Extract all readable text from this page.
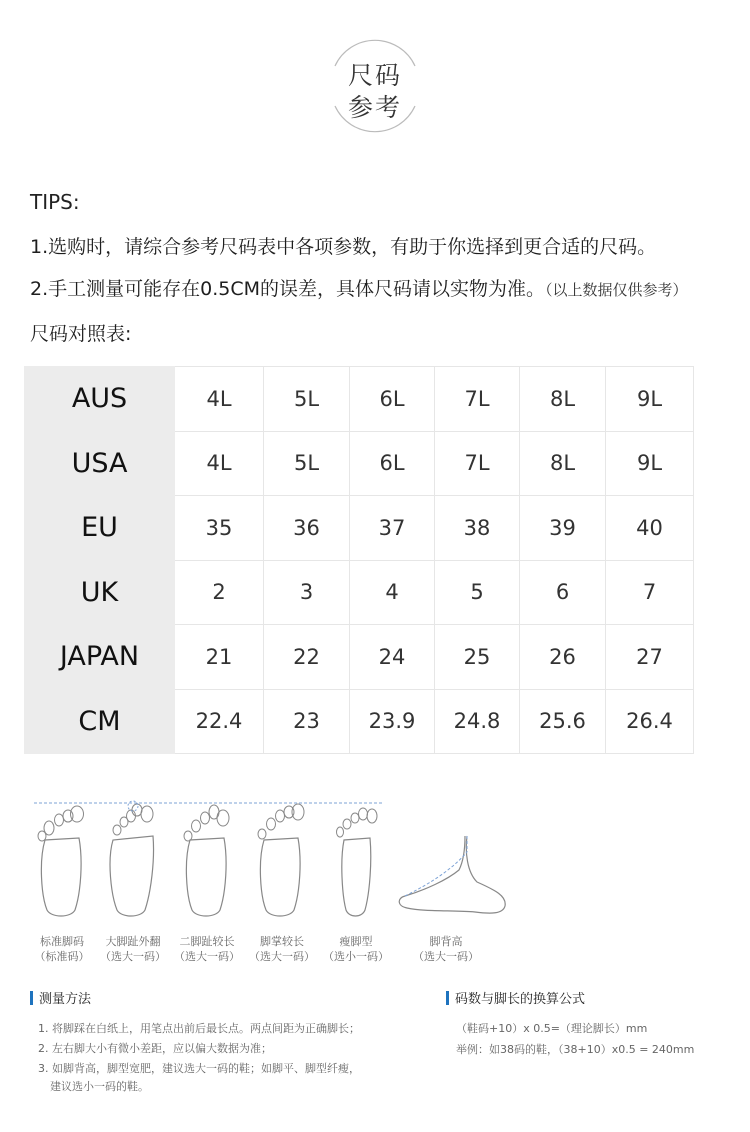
尺码
参考
TIPS:
1.选购时，请综合参考尺码表中各项参数，有助于你选择到更合适的尺码。
2.手工测量可能存在0.5CM的误差，具体尺码请以实物为准。（以上数据仅供参考）
尺码对照表:
AUS	4L	5L	6L	7L	8L	9L
USA	4L	5L	6L	7L	8L	9L
EU	35	36	37	38	39	40
UK	2	3	4	5	6	7
JAPAN	21	22	24	25	26	27
CM	22.4	23	23.9	24.8	25.6	26.4
标准脚码
（标准码）
大脚趾外翻
（选大一码）
二脚趾较长
（选大一码）
脚掌较长
（选大一码）
瘦脚型
（选小一码）
脚背高
（选大一码）
测量方法
1. 将脚踩在白纸上，用笔点出前后最长点。两点间距为正确脚长；
2. 左右脚大小有微小差距，应以偏大数据为准；
3. 如脚背高，脚型宽肥，建议选大一码的鞋；如脚平、脚型纤瘦，
建议选小一码的鞋。
码数与脚长的换算公式
（鞋码+10）x 0.5=（理论脚长）mm
举例：如38码的鞋，（38+10）x0.5 = 240mm
